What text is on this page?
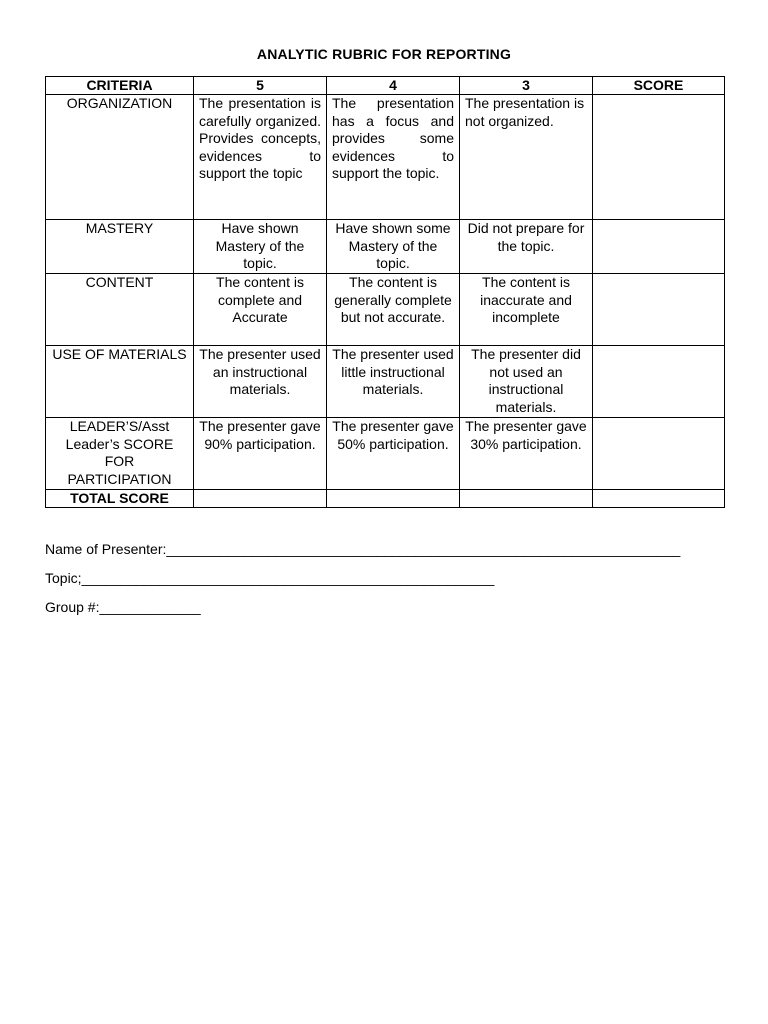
ANALYTIC RUBRIC FOR REPORTING
CRITERIA	5	4	3	SCORE
ORGANIZATION	The presentation is carefully organized. Provides concepts, evidences to support the topic	The presentation has a focus and provides some evidences to support the topic.	The presentation is not organized.	
MASTERY	Have shown Mastery of the topic.	Have shown some Mastery of the topic.	Did not prepare for the topic.	
CONTENT	The content is complete and Accurate	The content is generally complete but not accurate.	The content is inaccurate and incomplete	
USE OF MATERIALS	The presenter used an instructional materials.	The presenter used little instructional materials.	The presenter did not used an instructional materials.	
LEADER’S/Asst Leader’s SCORE FOR PARTICIPATION	The presenter gave 90% participation.	The presenter gave 50% participation.	The presenter gave 30% participation.	
TOTAL SCORE				
Name of Presenter:__________________________________________________________________
Topic;_____________________________________________________
Group #:_____________
